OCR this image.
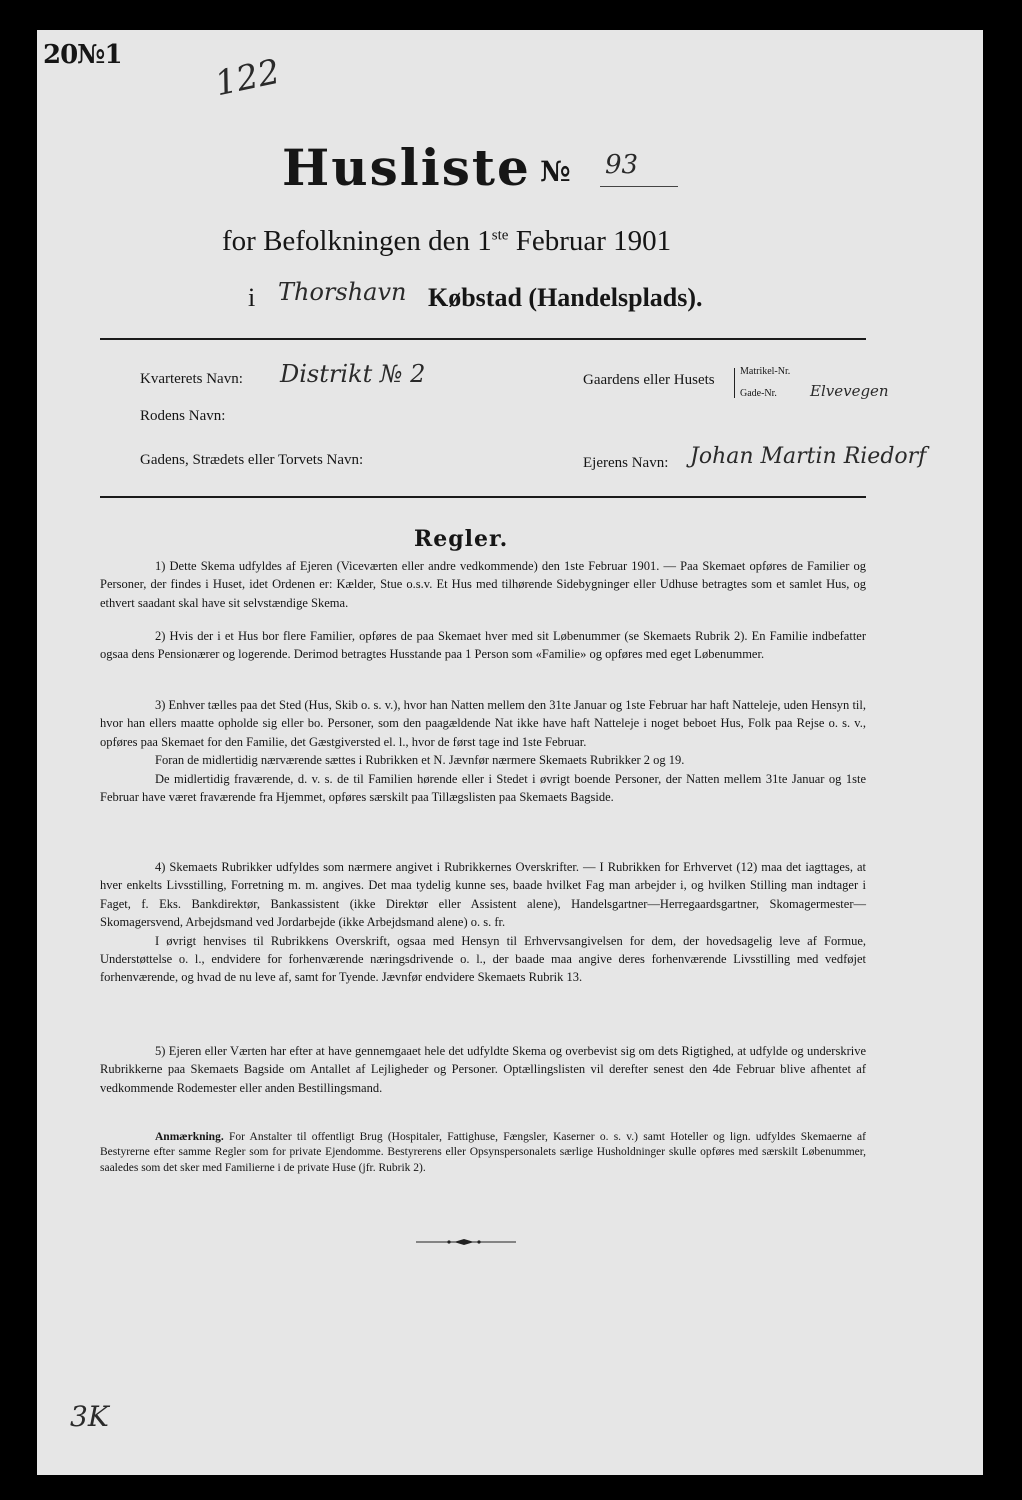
20№1	122
Husliste № 93
for Befolkningen den 1ste Februar 1901
i Thorshavn Købstad (Handelsplads).
Kvarterets Navn: Distrikt № 2	Gaardens eller Husets
Matrikel-Nr.
Gade-Nr. Elvevegen
Rodens Navn:
Gadens, Strædets eller Torvets Navn:	Ejerens Navn: Johan Martin Riedorf
Regler.

1) Dette Skema udfyldes af Ejeren (Viceværten eller andre vedkommende) den 1ste Februar 1901. — Paa Skemaet opføres de Familier og Personer, der findes i Huset, idet Ordenen er: Kælder, Stue o.s.v. Et Hus med tilhørende Sidebygninger eller Udhuse betragtes som et samlet Hus, og ethvert saadant skal have sit selvstændige Skema.

2) Hvis der i et Hus bor flere Familier, opføres de paa Skemaet hver med sit Løbenummer (se Skemaets Rubrik 2). En Familie indbefatter ogsaa dens Pensionærer og logerende. Derimod betragtes Husstande paa 1 Person som «Familie» og opføres med eget Løbenummer.

3) Enhver tælles paa det Sted (Hus, Skib o. s. v.), hvor han Natten mellem den 31te Januar og 1ste Februar har haft Natteleje, uden Hensyn til, hvor han ellers maatte opholde sig eller bo. Personer, som den paagældende Nat ikke have haft Natteleje i noget beboet Hus, Folk paa Rejse o. s. v., opføres paa Skemaet for den Familie, det Gæstgiversted el. l., hvor de først tage ind 1ste Februar.

Foran de midlertidig nærværende sættes i Rubrikken et N. Jævnfør nærmere Skemaets Rubrikker 2 og 19.

De midlertidig fraværende, d. v. s. de til Familien hørende eller i Stedet i øvrigt boende Personer, der Natten mellem 31te Januar og 1ste Februar have været fraværende fra Hjemmet, opføres særskilt paa Tillægslisten paa Skemaets Bagside.

4) Skemaets Rubrikker udfyldes som nærmere angivet i Rubrikkernes Overskrifter. — I Rubrikken for Erhvervet (12) maa det iagttages, at hver enkelts Livsstilling, Forretning m. m. angives. Det maa tydelig kunne ses, baade hvilket Fag man arbejder i, og hvilken Stilling man indtager i Faget, f. Eks. Bankdirektør, Bankassistent (ikke Direktør eller Assistent alene), Handelsgartner—Herregaardsgartner, Skomagermester—Skomagersvend, Arbejdsmand ved Jordarbejde (ikke Arbejdsmand alene) o. s. fr.

I øvrigt henvises til Rubrikkens Overskrift, ogsaa med Hensyn til Erhvervsangivelsen for dem, der hovedsagelig leve af Formue, Understøttelse o. l., endvidere for forhenværende næringsdrivende o. l., der baade maa angive deres forhenværende Livsstilling med vedføjet forhenværende, og hvad de nu leve af, samt for Tyende. Jævnfør endvidere Skemaets Rubrik 13.

5) Ejeren eller Værten har efter at have gennemgaaet hele det udfyldte Skema og overbevist sig om dets Rigtighed, at udfylde og underskrive Rubrikkerne paa Skemaets Bagside om Antallet af Lejligheder og Personer. Optællingslisten vil derefter senest den 4de Februar blive afhentet af vedkommende Rodemester eller anden Bestillingsmand.

Anmærkning. For Anstalter til offentligt Brug (Hospitaler, Fattighuse, Fængsler, Kaserner o. s. v.) samt Hoteller og lign. udfyldes Skemaerne af Bestyrerne efter samme Regler som for private Ejendomme. Bestyrerens eller Opsynspersonalets særlige Husholdninger skulle opføres med særskilt Løbenummer, saaledes som det sker med Familierne i de private Huse (jfr. Rubrik 2).

3K
